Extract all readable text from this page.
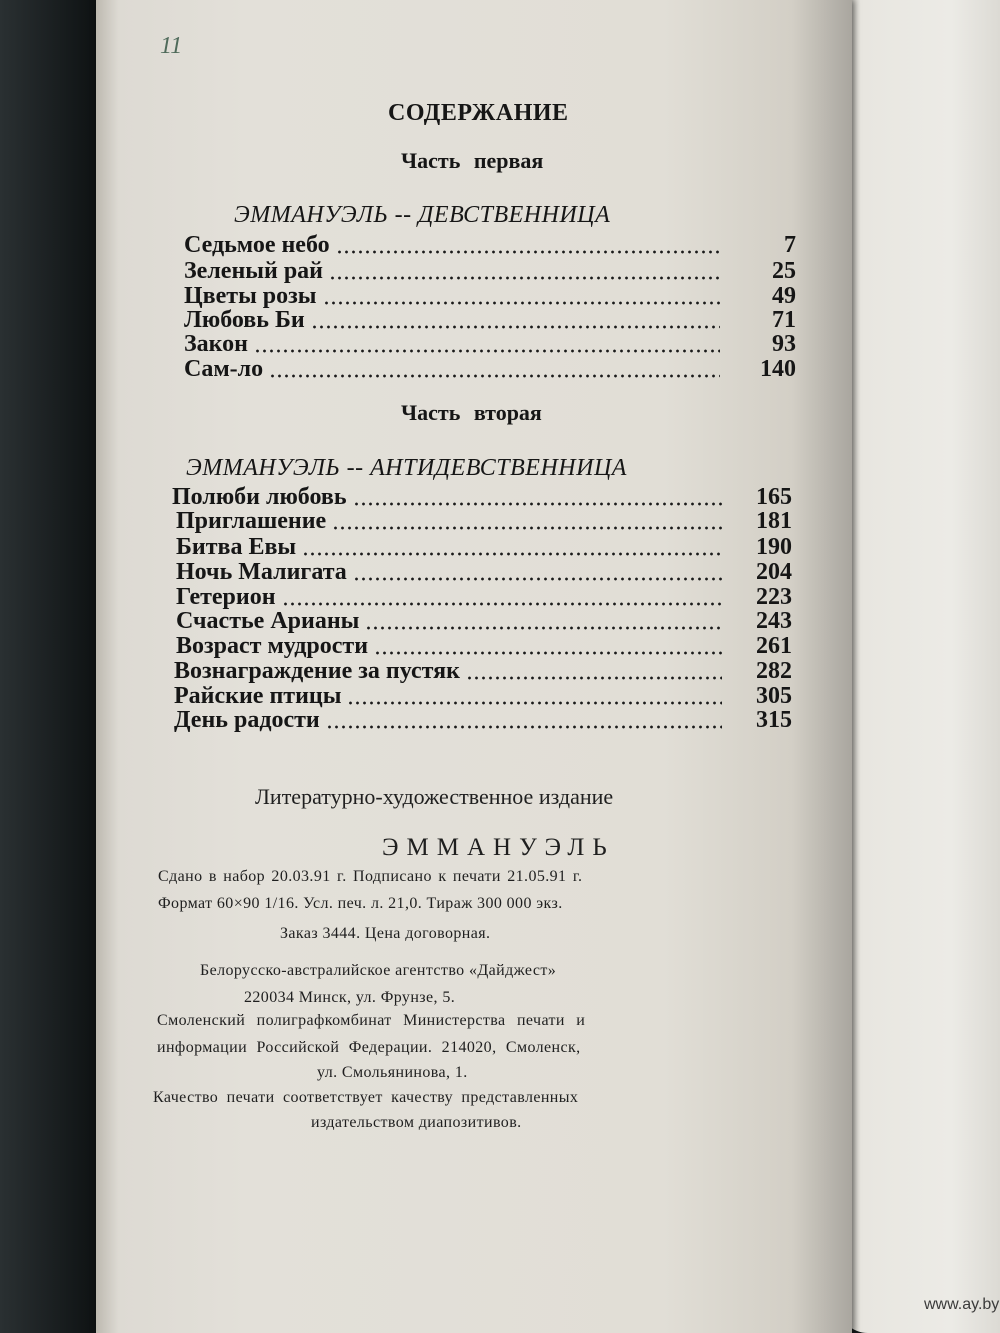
11
СОДЕРЖАНИЕ
Часть первая
ЭММАНУЭЛЬ -- ДЕВСТВЕННИЦА
Седьмое небо	7
Зеленый рай	25
Цветы розы	49
Любовь Би	71
Закон	93
Сам-ло	140
Часть вторая
ЭММАНУЭЛЬ -- АНТИДЕВСТВЕННИЦА
Полюби любовь	165
Приглашение	181
Битва Евы	190
Ночь Малигата	204
Гетерион	223
Счастье Арианы	243
Возраст мудрости	261
Вознаграждение за пустяк	282
Райские птицы	305
День радости	315
Литературно-художественное издание
ЭММАНУЭЛЬ
Сдано в набор 20.03.91 г. Подписано к печати 21.05.91 г.
Формат 60×90 1/16. Усл. печ. л. 21,0. Тираж 300 000 экз.
Заказ 3444. Цена договорная.
Белорусско-австралийское агентство «Дайджест»
220034 Минск, ул. Фрунзе, 5.
Смоленский полиграфкомбинат Министерства печати и
информации Российской Федерации. 214020, Смоленск,
ул. Смольянинова, 1.
Качество печати соответствует качеству представленных
издательством диапозитивов.
www.ay.by
